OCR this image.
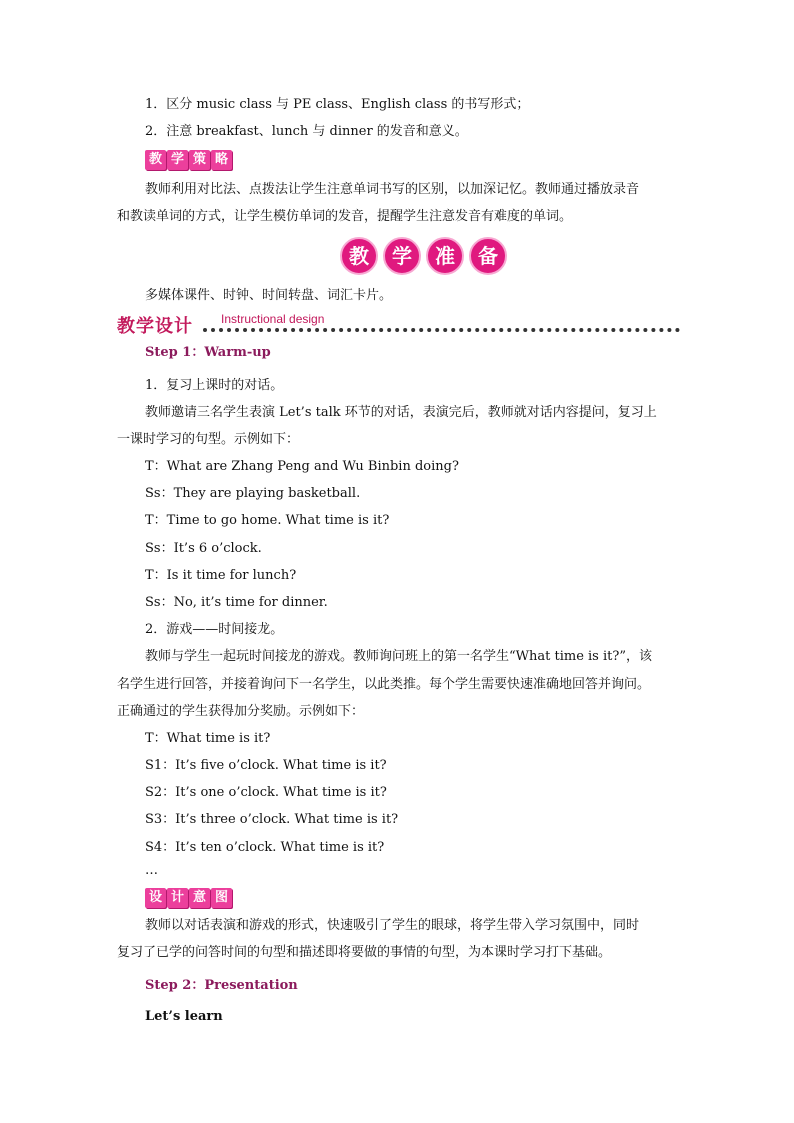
1．区分 music class 与 PE class、English class 的书写形式；
2．注意 breakfast、lunch 与 dinner 的发音和意义。
教 学 策 略
教师利用对比法、点拨法让学生注意单词书写的区别，以加深记忆。教师通过播放录音
和教读单词的方式，让学生模仿单词的发音，提醒学生注意发音有难度的单词。
教	学	准	备
多媒体课件、时钟、时间转盘、词汇卡片。
教学设计 Instructional design
Step 1：Warm-up
1．复习上课时的对话。
教师邀请三名学生表演 Let’s talk 环节的对话，表演完后，教师就对话内容提问，复习上
一课时学习的句型。示例如下：
T：What are Zhang Peng and Wu Binbin doing?
Ss：They are playing basketball.
T：Time to go home. What time is it?
Ss：It’s 6 o’clock.
T：Is it time for lunch?
Ss：No, it’s time for dinner.
2．游戏——时间接龙。
教师与学生一起玩时间接龙的游戏。教师询问班上的第一名学生“What time is it?”，该
名学生进行回答，并接着询问下一名学生，以此类推。每个学生需要快速准确地回答并询问。
正确通过的学生获得加分奖励。示例如下：
T：What time is it?
S1：It’s five o’clock. What time is it?
S2：It’s one o’clock. What time is it?
S3：It’s three o’clock. What time is it?
S4：It’s ten o’clock. What time is it?
…
设 计 意 图
教师以对话表演和游戏的形式，快速吸引了学生的眼球，将学生带入学习氛围中，同时
复习了已学的问答时间的句型和描述即将要做的事情的句型，为本课时学习打下基础。
Step 2：Presentation
Let’s learn
